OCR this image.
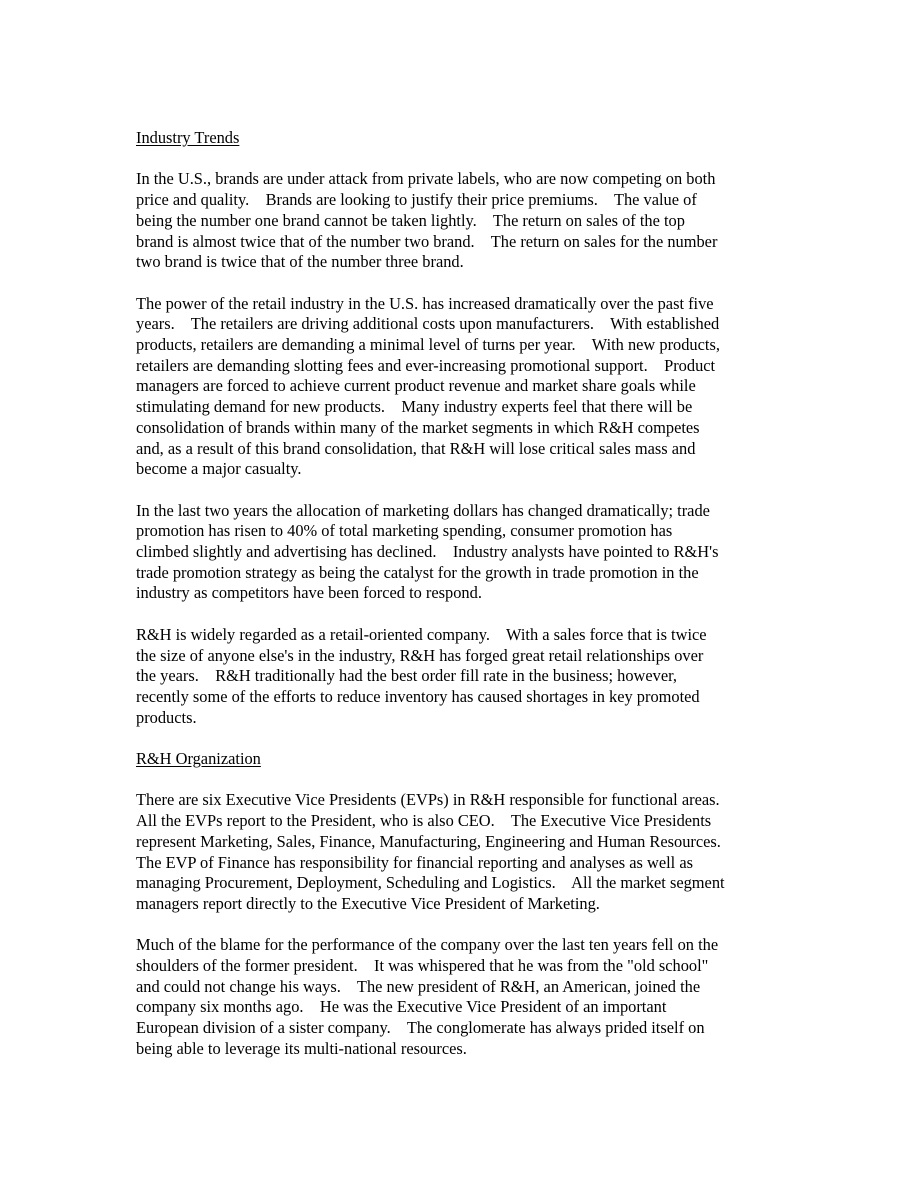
Industry Trends

In the U.S., brands are under attack from private labels, who are now competing on both
price and quality.    Brands are looking to justify their price premiums.    The value of
being the number one brand cannot be taken lightly.    The return on sales of the top
brand is almost twice that of the number two brand.    The return on sales for the number
two brand is twice that of the number three brand.

The power of the retail industry in the U.S. has increased dramatically over the past five
years.    The retailers are driving additional costs upon manufacturers.    With established
products, retailers are demanding a minimal level of turns per year.    With new products,
retailers are demanding slotting fees and ever-increasing promotional support.    Product
managers are forced to achieve current product revenue and market share goals while
stimulating demand for new products.    Many industry experts feel that there will be
consolidation of brands within many of the market segments in which R&H competes
and, as a result of this brand consolidation, that R&H will lose critical sales mass and
become a major casualty.

In the last two years the allocation of marketing dollars has changed dramatically; trade
promotion has risen to 40% of total marketing spending, consumer promotion has
climbed slightly and advertising has declined.    Industry analysts have pointed to R&H's
trade promotion strategy as being the catalyst for the growth in trade promotion in the
industry as competitors have been forced to respond.

R&H is widely regarded as a retail-oriented company.    With a sales force that is twice
the size of anyone else's in the industry, R&H has forged great retail relationships over
the years.    R&H traditionally had the best order fill rate in the business; however,
recently some of the efforts to reduce inventory has caused shortages in key promoted
products.

R&H Organization

There are six Executive Vice Presidents (EVPs) in R&H responsible for functional areas.
All the EVPs report to the President, who is also CEO.    The Executive Vice Presidents
represent Marketing, Sales, Finance, Manufacturing, Engineering and Human Resources.
The EVP of Finance has responsibility for financial reporting and analyses as well as
managing Procurement, Deployment, Scheduling and Logistics.    All the market segment
managers report directly to the Executive Vice President of Marketing.

Much of the blame for the performance of the company over the last ten years fell on the
shoulders of the former president.    It was whispered that he was from the "old school"
and could not change his ways.    The new president of R&H, an American, joined the
company six months ago.    He was the Executive Vice President of an important
European division of a sister company.    The conglomerate has always prided itself on
being able to leverage its multi-national resources.
